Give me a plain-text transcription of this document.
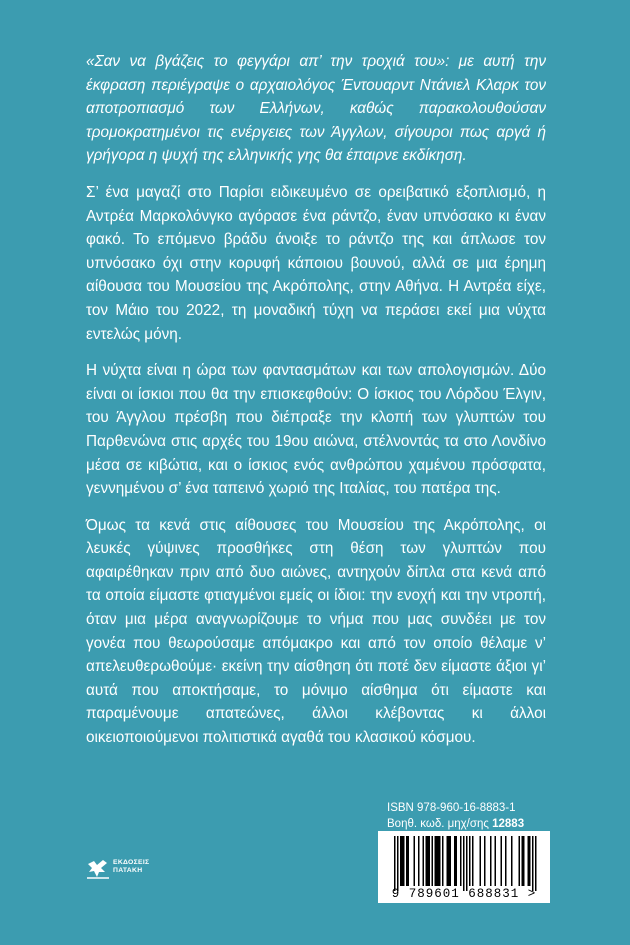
«Σαν να βγάζεις το φεγγάρι απ’ την τροχιά του»: με αυτή την έκφραση περιέγραψε ο αρχαιολόγος Έντουαρντ Ντάνιελ Κλαρκ τον αποτροπιασμό των Ελλήνων, καθώς παρακολουθούσαν τρομοκρατημένοι τις ενέργειες των Άγγλων, σίγουροι πως αργά ή γρήγορα η ψυχή της ελληνικής γης θα έπαιρνε εκδίκηση.

Σ’ ένα μαγαζί στο Παρίσι ειδικευμένο σε ορειβατικό εξοπλισμό, η Αντρέα Μαρκολόνγκο αγόρασε ένα ράντζο, έναν υπνόσακο κι έναν φακό. Το επόμενο βράδυ άνοιξε το ράντζο της και άπλωσε τον υπνόσακο όχι στην κορυφή κάποιου βουνού, αλλά σε μια έρημη αίθουσα του Μουσείου της Ακρόπολης, στην Αθήνα. Η Αντρέα είχε, τον Μάιο του 2022, τη μοναδική τύχη να περάσει εκεί μια νύχτα εντελώς μόνη.

Η νύχτα είναι η ώρα των φαντασμάτων και των απολογισμών. Δύο είναι οι ίσκιοι που θα την επισκεφθούν: Ο ίσκιος του Λόρδου Έλγιν, του Άγγλου πρέσβη που διέπραξε την κλοπή των γλυπτών του Παρθενώνα στις αρχές του 19ου αιώνα, στέλνοντάς τα στο Λονδίνο μέσα σε κιβώτια, και ο ίσκιος ενός ανθρώπου χαμένου πρόσφατα, γεννημένου σ’ ένα ταπεινό χωριό της Ιταλίας, του πατέρα της.

Όμως τα κενά στις αίθουσες του Μουσείου της Ακρόπολης, οι λευκές γύψινες προσθήκες στη θέση των γλυπτών που αφαιρέθηκαν πριν από δυο αιώνες, αντηχούν δίπλα στα κενά από τα οποία είμαστε φτιαγμένοι εμείς οι ίδιοι: την ενοχή και την ντροπή, όταν μια μέρα αναγνωρίζουμε το νήμα που μας συνδέει με τον γονέα που θεωρούσαμε απόμακρο και από τον οποίο θέλαμε ν’ απελευθερωθούμε· εκείνη την αίσθηση ότι ποτέ δεν είμαστε άξιοι γι’ αυτά που αποκτήσαμε, το μόνιμο αίσθημα ότι είμαστε και παραμένουμε απατεώνες, άλλοι κλέβοντας κι άλλοι οικειοποιούμενοι πολιτιστικά αγαθά του κλασικού κόσμου.

ISBN 978-960-16-8883-1
Βοηθ. κωδ. μηχ/σης 12883
9 789601 688831 >
ΕΚΔΟΣΕΙΣ
ΠΑΤΑΚΗ
